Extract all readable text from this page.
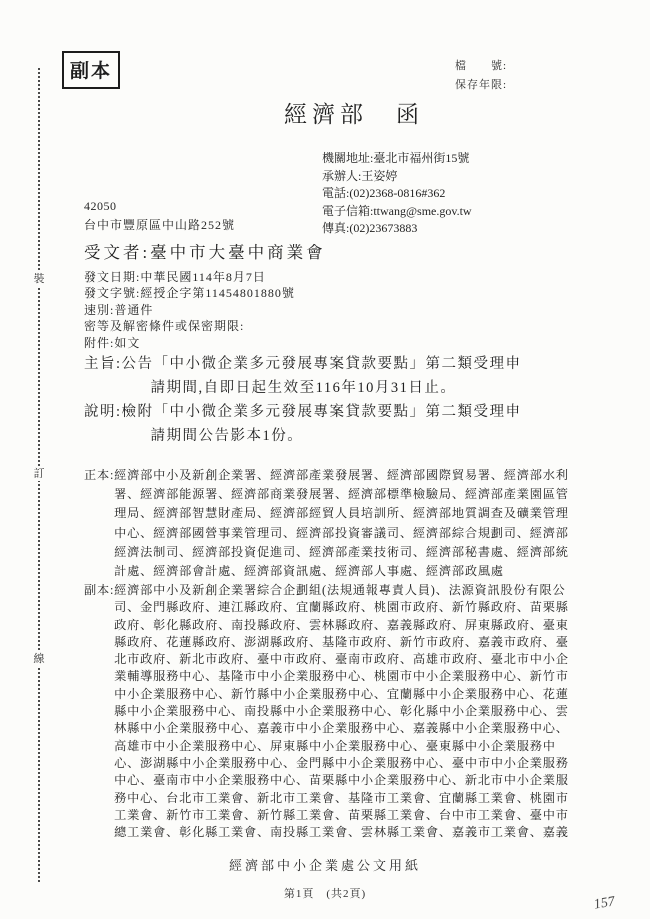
裝
訂
線
副本	檔　　號:
保存年限:
經濟部　函
機關地址:臺北市福州街15號
承辦人:王姿婷
電話:(02)2368-0816#362
電子信箱:ttwang@sme.gov.tw
傳真:(02)23673883
42050
台中市豐原區中山路252號
受文者:臺中市大臺中商業會
發文日期:中華民國114年8月7日
發文字號:經授企字第11454801880號
速別:普通件
密等及解密條件或保密期限:
附件:如文
主旨: 公告「中小微企業多元發展專案貸款要點」第二類受理申
請期間,自即日起生效至116年10月31日止。
說明: 檢附「中小微企業多元發展專案貸款要點」第二類受理申
請期間公告影本1份。
正本: 經濟部中小及新創企業署、經濟部產業發展署、經濟部國際貿易署、經濟部水利
署、經濟部能源署、經濟部商業發展署、經濟部標準檢驗局、經濟部產業園區管
理局、經濟部智慧財產局、經濟部經貿人員培訓所、經濟部地質調查及礦業管理
中心、經濟部國營事業管理司、經濟部投資審議司、經濟部綜合規劃司、經濟部
經濟法制司、經濟部投資促進司、經濟部產業技術司、經濟部秘書處、經濟部統
計處、經濟部會計處、經濟部資訊處、經濟部人事處、經濟部政風處
副本: 經濟部中小及新創企業署綜合企劃組(法規通報專責人員)、法源資訊股份有限公
司、金門縣政府、連江縣政府、宜蘭縣政府、桃園市政府、新竹縣政府、苗栗縣
政府、彰化縣政府、南投縣政府、雲林縣政府、嘉義縣政府、屏東縣政府、臺東
縣政府、花蓮縣政府、澎湖縣政府、基隆市政府、新竹市政府、嘉義市政府、臺
北市政府、新北市政府、臺中市政府、臺南市政府、高雄市政府、臺北市中小企
業輔導服務中心、基隆市中小企業服務中心、桃園市中小企業服務中心、新竹市
中小企業服務中心、新竹縣中小企業服務中心、宜蘭縣中小企業服務中心、花蓮
縣中小企業服務中心、南投縣中小企業服務中心、彰化縣中小企業服務中心、雲
林縣中小企業服務中心、嘉義市中小企業服務中心、嘉義縣中小企業服務中心、
高雄市中小企業服務中心、屏東縣中小企業服務中心、臺東縣中小企業服務中
心、澎湖縣中小企業服務中心、金門縣中小企業服務中心、臺中市中小企業服務
中心、臺南市中小企業服務中心、苗栗縣中小企業服務中心、新北市中小企業服
務中心、台北市工業會、新北市工業會、基隆市工業會、宜蘭縣工業會、桃園市
工業會、新竹市工業會、新竹縣工業會、苗栗縣工業會、台中市工業會、臺中市
總工業會、彰化縣工業會、南投縣工業會、雲林縣工業會、嘉義市工業會、嘉義
經濟部中小企業處公文用紙
第1頁　(共2頁)
157
